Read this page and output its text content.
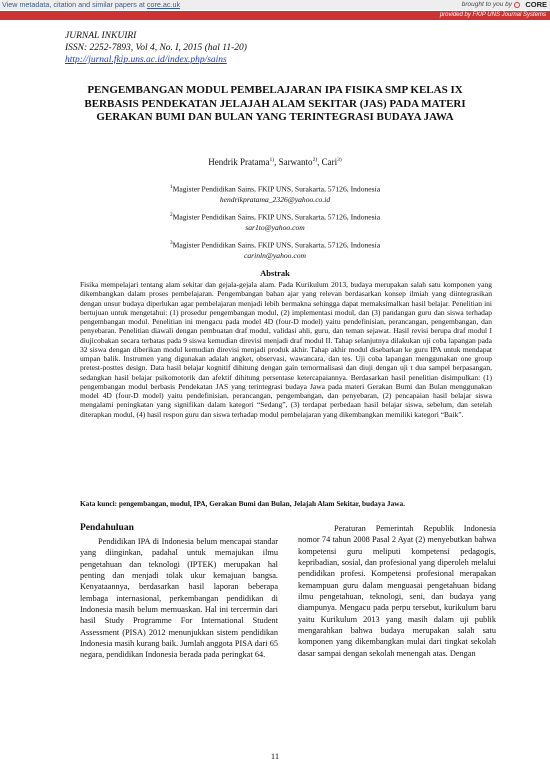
View metadata, citation and similar papers at core.ac.uk	brought to you by CORE
provided by FKIP UNS Journal Systems
JURNAL INKUIRI
ISSN: 2252-7893, Vol 4, No. I, 2015 (hal 11-20)
http://jurnal.fkip.uns.ac.id/index.php/sains
PENGEMBANGAN MODUL PEMBELAJARAN IPA FISIKA SMP KELAS IX BERBASIS PENDEKATAN JELAJAH ALAM SEKITAR (JAS) PADA MATERI GERAKAN BUMI DAN BULAN YANG TERINTEGRASI BUDAYA JAWA
Hendrik Pratama$^{1)}$, Sarwanto$^{2)}$, Cari$^{3)}$
$^1$Magister Pendidikan Sains, FKIP UNS, Surakarta, 57126, Indonesia
hendrikpratama_2326@yahoo.co.id
$^2$Magister Pendidikan Sains, FKIP UNS, Surakarta, 57126, Indonesia
sar1to@yahoo.com
$^3$Magister Pendidikan Sains, FKIP UNS, Surakarta, 57126, Indonesia
carinln@yahoo.com
Abstrak
Fisika mempelajari tentang alam sekitar dan gejala-gejala alam. Pada Kurikulum 2013, budaya merupakan salah satu komponen yang dikembangkan dalam proses pembelajaran. Pengembangan bahan ajar yang relevan berdasarkan konsep ilmiah yang diintegrasikan dengan unsur budaya diperlukan agar pembelajaran menjadi lebih bermakna sehingga dapat memaksimalkan hasil belajar. Penelitian ini bertujuan untuk mengetahui: (1) prosedur pengembangan modul, (2) implementasi modul, dan (3) pandangan guru dan siswa terhadap pengembangan modul. Penelitian ini mengacu pada model 4D (four-D model) yaitu pendefinisian, perancangan, pengembangan, dan penyebaran. Penelitian diawali dengan pembuatan draf modul, validasi ahli, guru, dan teman sejawat. Hasil revisi berupa draf modul I diujicobakan secara terbatas pada 9 siswa kemudian direvisi menjadi draf modul II. Tahap selanjutnya dilakukan uji coba lapangan pada 32 siswa dengan diberikan modul kemudian direvisi menjadi produk akhir. Tahap akhir modul disebarkan ke guru IPA untuk mendapat umpan balik. Instrumen yang digunakan adalah angket, observasi, wawancara, dan tes. Uji coba lapangan menggunakan one group pretest-posttes design. Data hasil belajar kognitif dihitung dengan gain ternormalisasi dan diuji dengan uji t dua sampel berpasangan, sedangkan hasil belajar psikomotorik dan afektif dihitung persentase ketercapaiannya. Berdasarkan hasil penelitian disimpulkan: (1) pengembangan modul berbasis Pendekatan JAS yang terintegrasi budaya Jawa pada materi Gerakan Bumi dan Bulan menggunakan model 4D (four-D model) yaitu pendefinisian, perancangan, pengembangan, dan penyebaran, (2) pencapaian hasil belajar siswa mengalami peningkatan yang signifikan dalam kategori “Sedang”, (3) terdapat perbedaan hasil belajar siswa, sebelum, dan setelah diterapkan modul, (4) hasil respon guru dan siswa terhadap modul pembelajaran yang dikembangkan memiliki kategori “Baik”.
Kata kunci: pengembangan, modul, IPA, Gerakan Bumi dan Bulan, Jelajah Alam Sekitar, budaya Jawa.
Pendahuluan
Pendidikan IPA di Indonesia belum mencapai standar yang diinginkan, padahal untuk memajukan ilmu pengetahuan dan teknologi (IPTEK) merupakan hal penting dan menjadi tolak ukur kemajuan bangsa. Kenyataannya, berdasarkan hasil laporan beberapa lembaga internasional, perkembangan pendidikan di Indonesia masih belum memuaskan. Hal ini tercermin dari hasil Study Programme For International Student Assessment (PISA) 2012 menunjukkan sistem pendidikan Indonesia masih kurang baik. Jumlah anggota PISA dari 65 negara, pendidikan Indonesia berada pada peringkat 64.
Peraturan Pemerintah Republik Indonesia nomor 74 tahun 2008 Pasal 2 Ayat (2) menyebutkan bahwa kompetensi guru meliputi kompetensi pedagogis, kepribadian, sosial, dan profesional yang diperoleh melalui pendidikan profesi. Kompetensi profesional merapakan kemampuan guru dalam menguasai pengetahuan bidang ilmu pengetahuan, teknologi, seni, dan budaya yang diampunya. Mengacu pada perpu tersebut, kurikulum baru yaitu Kurikulum 2013 yang masih dalam uji publik mengarahkan bahwa budaya merupakan salah satu komponen yang dikembangkan mulai dari tingkat sekolah dasar sampai dengan sekolah menengah atas. Dengan
11
